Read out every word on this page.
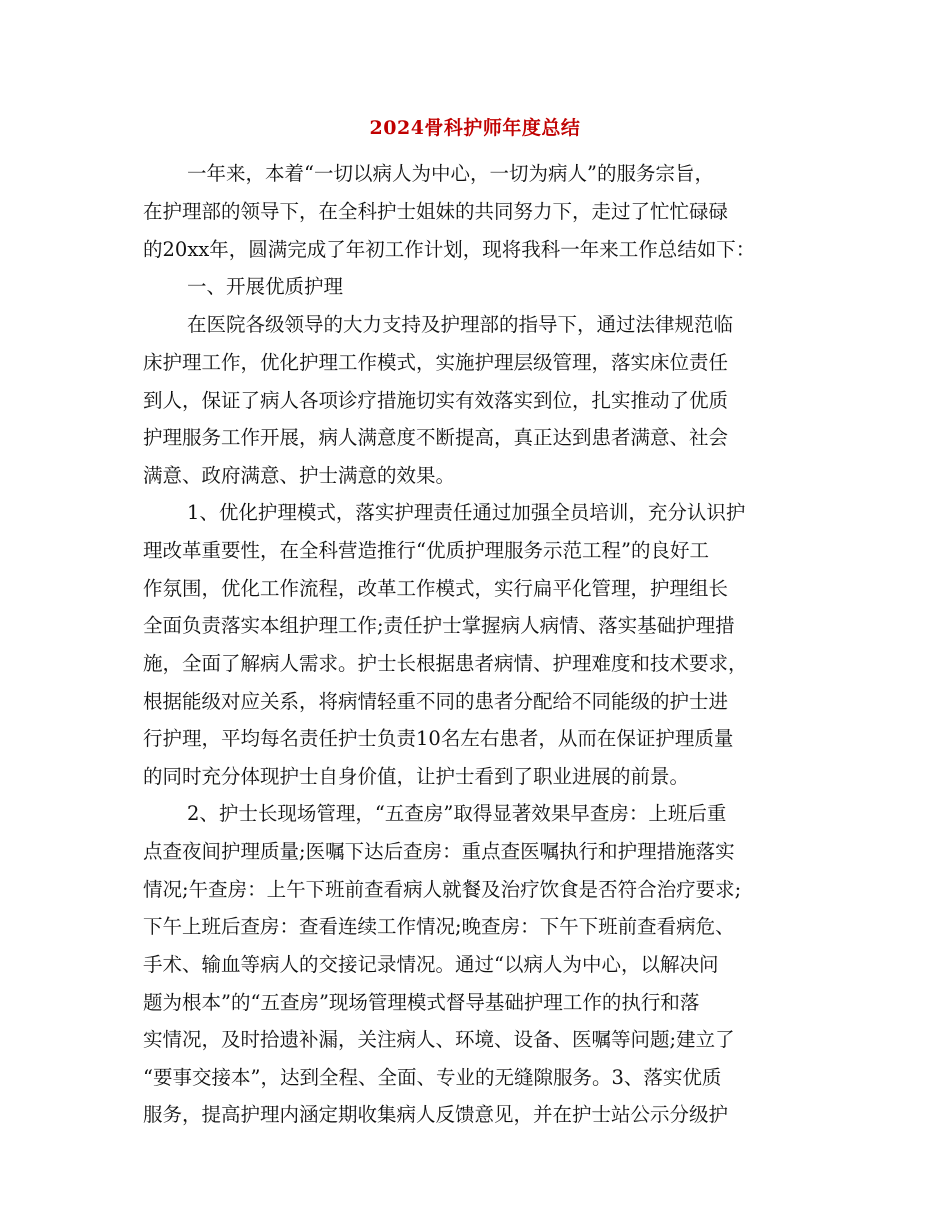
2024骨科护师年度总结
一年来，本着“一切以病人为中心，一切为病人”的服务宗旨，
在护理部的领导下，在全科护士姐妹的共同努力下，走过了忙忙碌碌
的20xx年，圆满完成了年初工作计划，现将我科一年来工作总结如下：
一、开展优质护理
在医院各级领导的大力支持及护理部的指导下，通过法律规范临
床护理工作，优化护理工作模式，实施护理层级管理，落实床位责任
到人，保证了病人各项诊疗措施切实有效落实到位，扎实推动了优质
护理服务工作开展，病人满意度不断提高，真正达到患者满意、社会
满意、政府满意、护士满意的效果。
1、优化护理模式，落实护理责任通过加强全员培训，充分认识护
理改革重要性，在全科营造推行“优质护理服务示范工程”的良好工
作氛围，优化工作流程，改革工作模式，实行扁平化管理，护理组长
全面负责落实本组护理工作;责任护士掌握病人病情、落实基础护理措
施，全面了解病人需求。护士长根据患者病情、护理难度和技术要求，
根据能级对应关系，将病情轻重不同的患者分配给不同能级的护士进
行护理，平均每名责任护士负责10名左右患者，从而在保证护理质量
的同时充分体现护士自身价值，让护士看到了职业进展的前景。
2、护士长现场管理，“五查房”取得显著效果早查房：上班后重
点查夜间护理质量;医嘱下达后查房：重点查医嘱执行和护理措施落实
情况;午查房：上午下班前查看病人就餐及治疗饮食是否符合治疗要求;
下午上班后查房：查看连续工作情况;晚查房：下午下班前查看病危、
手术、输血等病人的交接记录情况。通过“以病人为中心，以解决问
题为根本”的“五查房”现场管理模式督导基础护理工作的执行和落
实情况，及时拾遗补漏，关注病人、环境、设备、医嘱等问题;建立了
“要事交接本”，达到全程、全面、专业的无缝隙服务。3、落实优质
服务，提高护理内涵定期收集病人反馈意见，并在护士站公示分级护
